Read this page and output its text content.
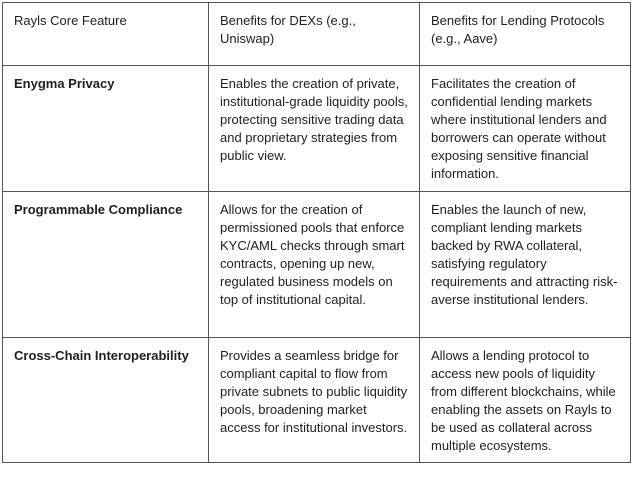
Rayls Core Feature	Benefits for DEXs (e.g., Uniswap)	Benefits for Lending Protocols (e.g., Aave)
Enygma Privacy	Enables the creation of private, institutional-grade liquidity pools, protecting sensitive trading data and proprietary strategies from public view.	Facilitates the creation of confidential lending markets where institutional lenders and borrowers can operate without exposing sensitive financial information.
Programmable Compliance	Allows for the creation of permissioned pools that enforce KYC/AML checks through smart contracts, opening up new, regulated business models on top of institutional capital.	Enables the launch of new, compliant lending markets backed by RWA collateral, satisfying regulatory requirements and attracting risk-averse institutional lenders.
Cross-Chain Interoperability	Provides a seamless bridge for compliant capital to flow from private subnets to public liquidity pools, broadening market access for institutional investors.	Allows a lending protocol to access new pools of liquidity from different blockchains, while enabling the assets on Rayls to be used as collateral across multiple ecosystems.
